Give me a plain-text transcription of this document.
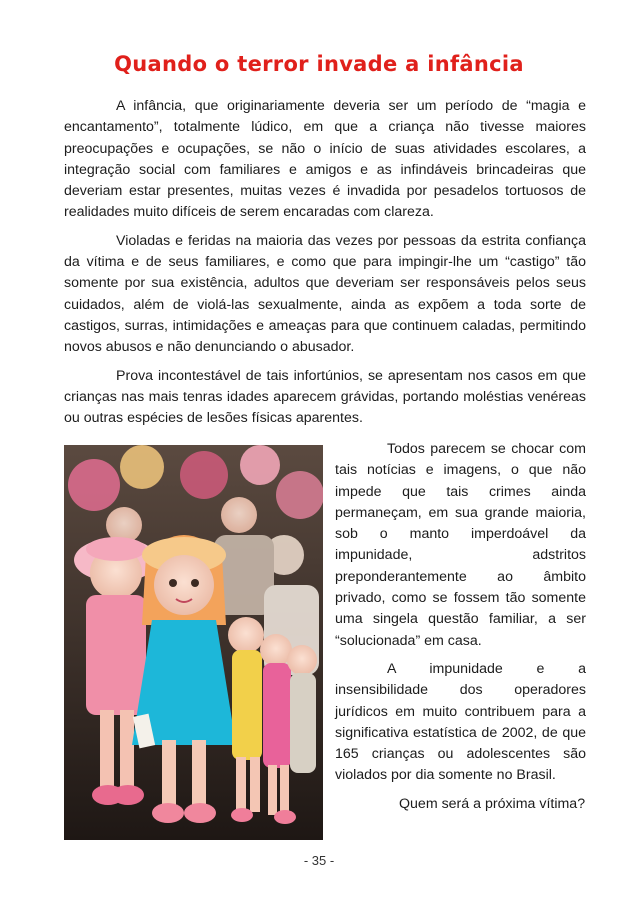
Quando o terror invade a infância

A infância, que originariamente deveria ser um período de “magia e encantamento”, totalmente lúdico, em que a criança não tivesse maiores preocupações e ocupações, se não o início de suas atividades escolares, a integração social com familiares e amigos e as infindáveis brincadeiras que deveriam estar presentes, muitas vezes é invadida por pesadelos tortuosos de realidades muito difíceis de serem encaradas com clareza.

Violadas e feridas na maioria das vezes por pessoas da estrita confiança da vítima e de seus familiares, e como que para impingir-lhe um “castigo” tão somente por sua existência, adultos que deveriam ser responsáveis pelos seus cuidados, além de violá-las sexualmente, ainda as expõem a toda sorte de castigos, surras, intimidações e ameaças para que continuem caladas, permitindo novos abusos e não denunciando o abusador.

Prova incontestável de tais infortúnios, se apresentam nos casos em que crianças nas mais tenras idades aparecem grávidas, portando moléstias venéreas ou outras espécies de lesões físicas aparentes.

Todos parecem se chocar com tais notícias e imagens, o que não impede que tais crimes ainda permaneçam, em sua grande maioria, sob o manto imperdoável da impunidade, adstritos preponderantemente ao âmbito privado, como se fossem tão somente uma singela questão familiar, a ser “solucionada” em casa.

A impunidade e a insensibilidade dos operadores jurídicos em muito contribuem para a significativa estatística de 2002, de que 165 crianças ou adolescentes são violados por dia somente no Brasil.

Quem será a próxima vítima?

- 35 -
